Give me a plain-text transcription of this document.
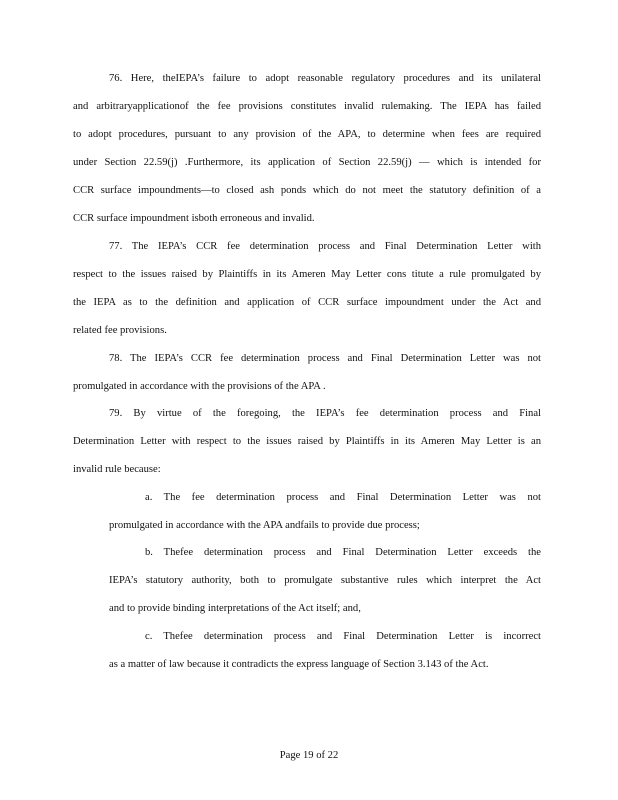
76. Here, theIEPA’s failure to adopt reasonable regulatory procedures and its unilateral
and arbitraryapplicationof the fee provisions constitutes invalid rulemaking. The IEPA has failed
to adopt procedures, pursuant to any provision of the APA, to determine when fees are required
under Section 22.59(j) .Furthermore, its application of Section 22.59(j) — which is intended for
CCR surface impoundments—to closed ash ponds which do not meet the statutory definition of a
CCR surface impoundment isboth erroneous and invalid.
77. The IEPA’s CCR fee determination process and Final Determination Letter with
respect to the issues raised by Plaintiffs in its Ameren May Letter cons titute a rule promulgated by
the IEPA as to the definition and application of CCR surface impoundment under the Act and
related fee provisions.
78. The IEPA’s CCR fee determination process and Final Determination Letter was not
promulgated in accordance with the provisions of the APA .
79. By virtue of the foregoing, the IEPA’s fee determination process and Final
Determination Letter with respect to the issues raised by Plaintiffs in its Ameren May Letter is an
invalid rule because:
a. The fee determination process and Final Determination Letter was not
promulgated in accordance with the APA andfails to provide due process;
b. Thefee determination process and Final Determination Letter exceeds the
IEPA’s statutory authority, both to promulgate substantive rules which interpret the Act
and to provide binding interpretations of the Act itself; and,
c. Thefee determination process and Final Determination Letter is incorrect
as a matter of law because it contradicts the express language of Section 3.143 of the Act.
Page 19 of 22
